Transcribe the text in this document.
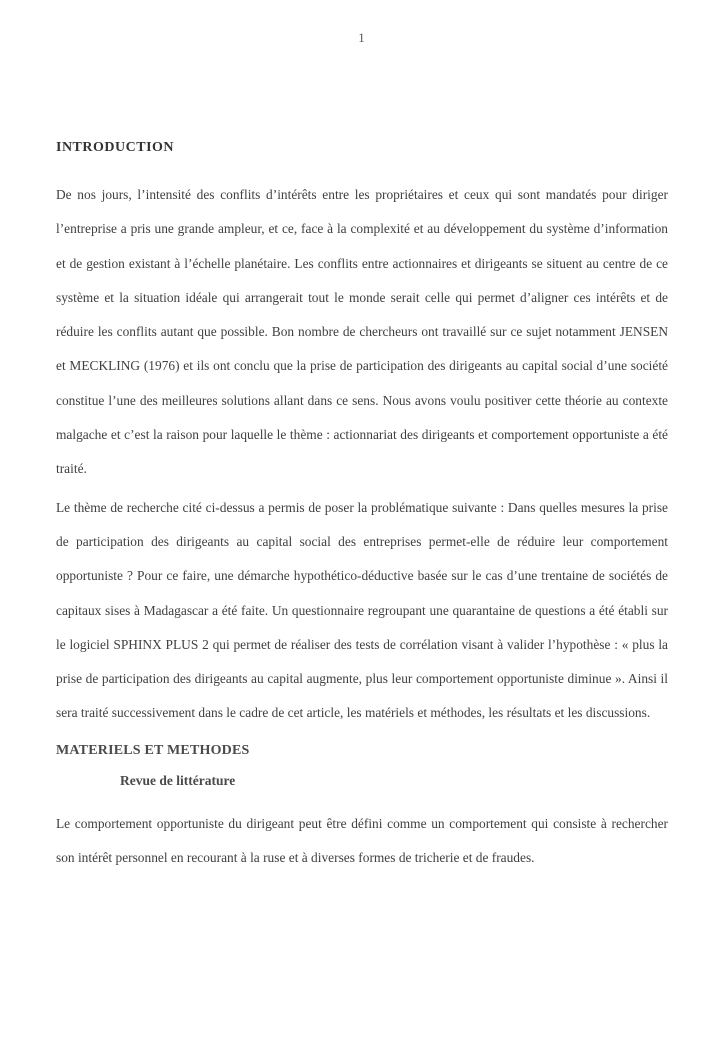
1
INTRODUCTION

De nos jours, l’intensité des conflits d’intérêts entre les propriétaires et ceux qui sont mandatés pour diriger l’entreprise a pris une grande ampleur, et ce, face à la complexité et au développement du système d’information et de gestion existant à l’échelle planétaire. Les conflits entre actionnaires et dirigeants se situent au centre de ce système et la situation idéale qui arrangerait tout le monde serait celle qui permet d’aligner ces intérêts et de réduire les conflits autant que possible. Bon nombre de chercheurs ont travaillé sur ce sujet notamment JENSEN et MECKLING (1976) et ils ont conclu que la prise de participation des dirigeants au capital social d’une société constitue l’une des meilleures solutions allant dans ce sens. Nous avons voulu positiver cette théorie au contexte malgache et c’est la raison pour laquelle le thème : actionnariat des dirigeants et comportement opportuniste a été traité.

Le thème de recherche cité ci-dessus a permis de poser la problématique suivante : Dans quelles mesures la prise de participation des dirigeants au capital social des entreprises permet-elle de réduire leur comportement opportuniste ? Pour ce faire, une démarche hypothético-déductive basée sur le cas d’une trentaine de sociétés de capitaux sises à Madagascar a été faite. Un questionnaire regroupant une quarantaine de questions a été établi sur le logiciel SPHINX PLUS 2 qui permet de réaliser des tests de corrélation visant à valider l’hypothèse : « plus la prise de participation des dirigeants au capital augmente, plus leur comportement opportuniste diminue ». Ainsi il sera traité successivement dans le cadre de cet article, les matériels et méthodes, les résultats et les discussions.

MATERIELS ET METHODES
Revue de littérature

Le comportement opportuniste du dirigeant peut être défini comme un comportement qui consiste à rechercher son intérêt personnel en recourant à la ruse et à diverses formes de tricherie et de fraudes.
